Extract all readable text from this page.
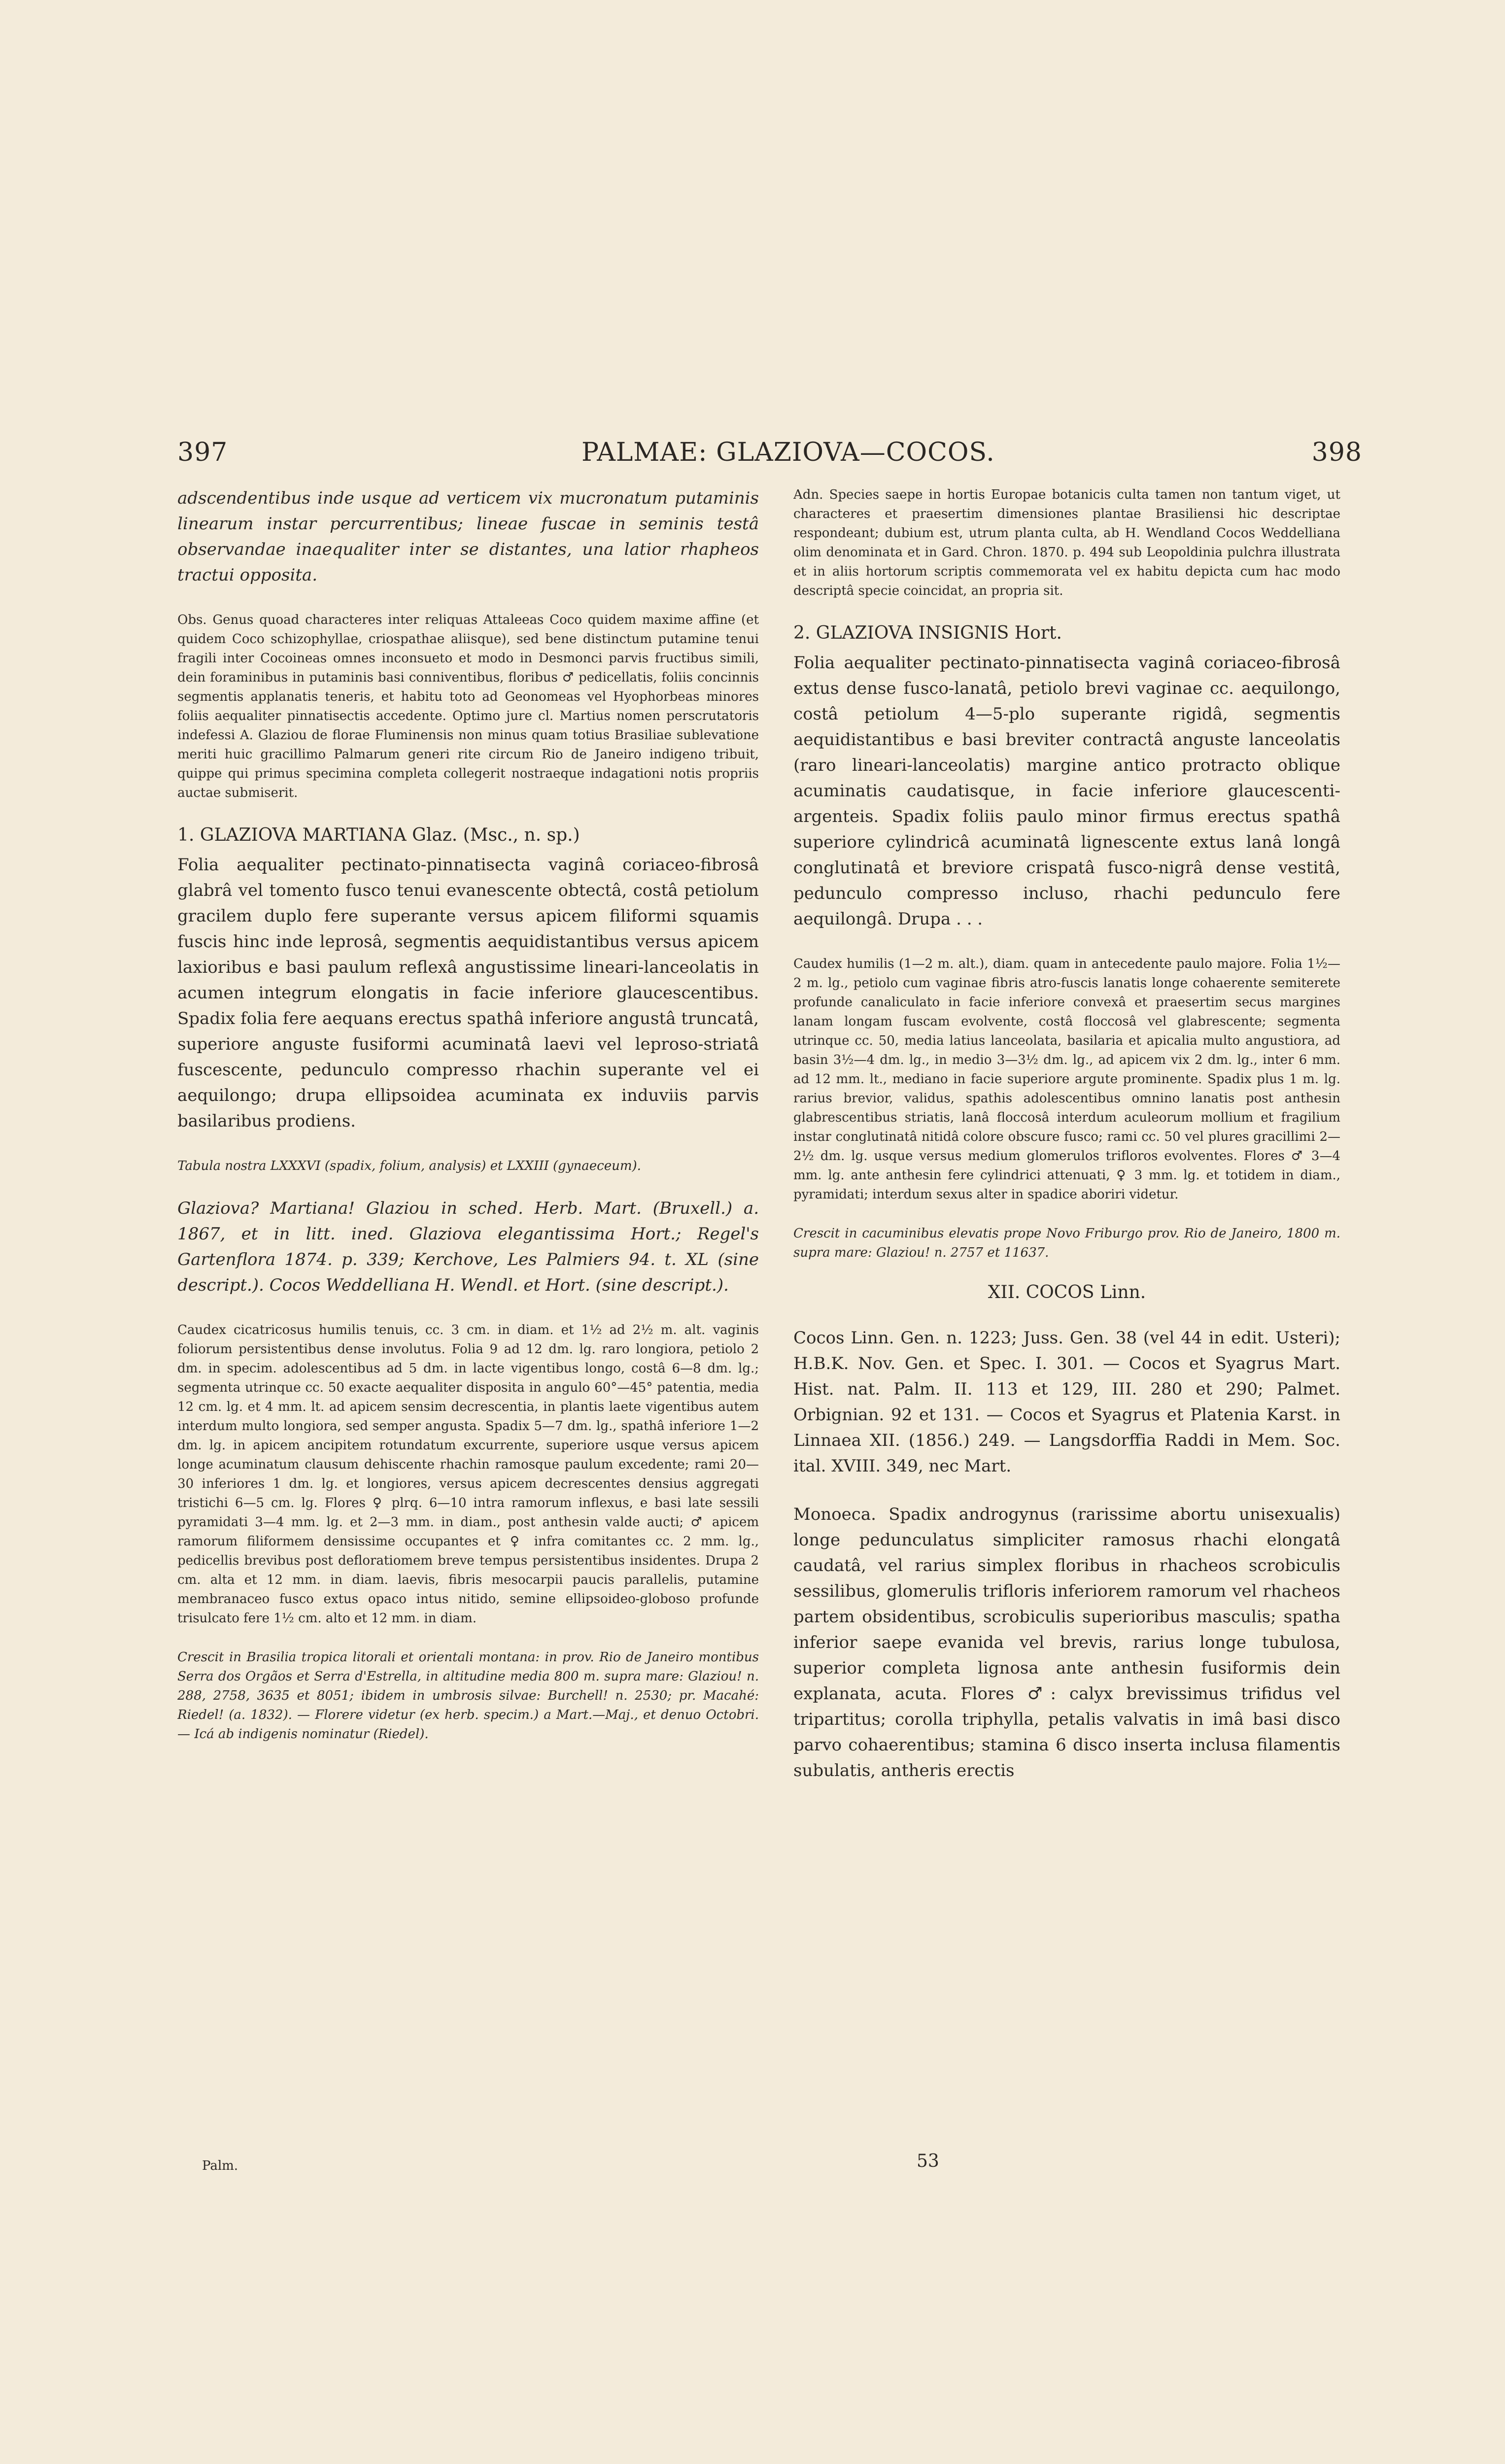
397	PALMAE: GLAZIOVA—COCOS.	398

adscendentibus inde usque ad verticem vix mucronatum putaminis linearum instar percurrentibus; lineae fuscae in seminis testâ observandae inaequaliter inter se distantes, una latior rhapheos tractui opposita.

Obs. Genus quoad characteres inter reliquas Attaleeas Coco quidem maxime affine (et quidem Coco schizophyllae, criospathae aliisque), sed bene distinctum putamine tenui fragili inter Cocoineas omnes inconsueto et modo in Desmonci parvis fructibus simili, dein foraminibus in putaminis basi conniventibus, floribus ♂ pedicellatis, foliis concinnis segmentis applanatis teneris, et habitu toto ad Geonomeas vel Hyophorbeas minores foliis aequaliter pinnatisectis accedente. Optimo jure cl. Martius nomen perscrutatoris indefessi A. Glaziou de florae Fluminensis non minus quam totius Brasiliae sublevatione meriti huic gracillimo Palmarum generi rite circum Rio de Janeiro indigeno tribuit, quippe qui primus specimina completa collegerit nostraeque indagationi notis propriis auctae submiserit.

1. GLAZIOVA MARTIANA Glaz. (Msc., n. sp.)

Folia aequaliter pectinato-pinnatisecta vaginâ coriaceo-fibrosâ glabrâ vel tomento fusco tenui evanescente obtectâ, costâ petiolum gracilem duplo fere superante versus apicem filiformi squamis fuscis hinc inde leprosâ, segmentis aequidistantibus versus apicem laxioribus e basi paulum reflexâ angustissime lineari-lanceolatis in acumen integrum elongatis in facie inferiore glaucescentibus. Spadix folia fere aequans erectus spathâ inferiore angustâ truncatâ, superiore anguste fusiformi acuminatâ laevi vel leproso-striatâ fuscescente, pedunculo compresso rhachin superante vel ei aequilongo; drupa ellipsoidea acuminata ex induviis parvis basilaribus prodiens.

Tabula nostra LXXXVI (spadix, folium, analysis) et LXXIII (gynaeceum).

Glaziova? Martiana! Glaziou in sched. Herb. Mart. (Bruxell.) a. 1867, et in litt. ined. Glaziova elegantissima Hort.; Regel's Gartenflora 1874. p. 339; Kerchove, Les Palmiers 94. t. XL (sine descript.). Cocos Weddelliana H. Wendl. et Hort. (sine descript.).

Caudex cicatricosus humilis tenuis, cc. 3 cm. in diam. et 1½ ad 2½ m. alt. vaginis foliorum persistentibus dense involutus. Folia 9 ad 12 dm. lg. raro longiora, petiolo 2 dm. in specim. adolescentibus ad 5 dm. in lacte vigentibus longo, costâ 6—8 dm. lg.; segmenta utrinque cc. 50 exacte aequaliter disposita in angulo 60°—45° patentia, media 12 cm. lg. et 4 mm. lt. ad apicem sensim decrescentia, in plantis laete vigentibus autem interdum multo longiora, sed semper angusta. Spadix 5—7 dm. lg., spathâ inferiore 1—2 dm. lg. in apicem ancipitem rotundatum excurrente, superiore usque versus apicem longe acuminatum clausum dehiscente rhachin ramosque paulum excedente; rami 20—30 inferiores 1 dm. lg. et longiores, versus apicem decrescentes densius aggregati tristichi 6—5 cm. lg. Flores ♀ plrq. 6—10 intra ramorum inflexus, e basi late sessili pyramidati 3—4 mm. lg. et 2—3 mm. in diam., post anthesin valde aucti; ♂ apicem ramorum filiformem densissime occupantes et ♀ infra comitantes cc. 2 mm. lg., pedicellis brevibus post defloratiomem breve tempus persistentibus insidentes. Drupa 2 cm. alta et 12 mm. in diam. laevis, fibris mesocarpii paucis parallelis, putamine membranaceo fusco extus opaco intus nitido, semine ellipsoideo-globoso profunde trisulcato fere 1½ cm. alto et 12 mm. in diam.

Crescit in Brasilia tropica litorali et orientali montana: in prov. Rio de Janeiro montibus Serra dos Orgãos et Serra d'Estrella, in altitudine media 800 m. supra mare: Glaziou! n. 288, 2758, 3635 et 8051; ibidem in umbrosis silvae: Burchell! n. 2530; pr. Macahé: Riedel! (a. 1832). — Florere videtur (ex herb. specim.) a Mart.—Maj., et denuo Octobri. — Icá ab indigenis nominatur (Riedel).

Palm.

Adn. Species saepe in hortis Europae botanicis culta tamen non tantum viget, ut characteres et praesertim dimensiones plantae Brasiliensi hic descriptae respondeant; dubium est, utrum planta culta, ab H. Wendland Cocos Weddelliana olim denominata et in Gard. Chron. 1870. p. 494 sub Leopoldinia pulchra illustrata et in aliis hortorum scriptis commemorata vel ex habitu depicta cum hac modo descriptâ specie coincidat, an propria sit.

2. GLAZIOVA INSIGNIS Hort.

Folia aequaliter pectinato-pinnatisecta vaginâ coriaceo-fibrosâ extus dense fusco-lanatâ, petiolo brevi vaginae cc. aequilongo, costâ petiolum 4—5-plo superante rigidâ, segmentis aequidistantibus e basi breviter contractâ anguste lanceolatis (raro lineari-lanceolatis) margine antico protracto oblique acuminatis caudatisque, in facie inferiore glaucescenti-argenteis. Spadix foliis paulo minor firmus erectus spathâ superiore cylindricâ acuminatâ lignescente extus lanâ longâ conglutinatâ et breviore crispatâ fusco-nigrâ dense vestitâ, pedunculo compresso incluso, rhachi pedunculo fere aequilongâ. Drupa . . .

Caudex humilis (1—2 m. alt.), diam. quam in antecedente paulo majore. Folia 1½—2 m. lg., petiolo cum vaginae fibris atro-fuscis lanatis longe cohaerente semiterete profunde canaliculato in facie inferiore convexâ et praesertim secus margines lanam longam fuscam evolvente, costâ floccosâ vel glabrescente; segmenta utrinque cc. 50, media latius lanceolata, basilaria et apicalia multo angustiora, ad basin 3½—4 dm. lg., in medio 3—3½ dm. lg., ad apicem vix 2 dm. lg., inter 6 mm. ad 12 mm. lt., mediano in facie superiore argute prominente. Spadix plus 1 m. lg. rarius brevior, validus, spathis adolescentibus omnino lanatis post anthesin glabrescentibus striatis, lanâ floccosâ interdum aculeorum mollium et fragilium instar conglutinatâ nitidâ colore obscure fusco; rami cc. 50 vel plures gracillimi 2—2½ dm. lg. usque versus medium glomerulos trifloros evolventes. Flores ♂ 3—4 mm. lg. ante anthesin fere cylindrici attenuati, ♀ 3 mm. lg. et totidem in diam., pyramidati; interdum sexus alter in spadice aboriri videtur.

Crescit in cacuminibus elevatis prope Novo Friburgo prov. Rio de Janeiro, 1800 m. supra mare: Glaziou! n. 2757 et 11637.

XII. COCOS Linn.

Cocos Linn. Gen. n. 1223; Juss. Gen. 38 (vel 44 in edit. Usteri); H.B.K. Nov. Gen. et Spec. I. 301. — Cocos et Syagrus Mart. Hist. nat. Palm. II. 113 et 129, III. 280 et 290; Palmet. Orbignian. 92 et 131. — Cocos et Syagrus et Platenia Karst. in Linnaea XII. (1856.) 249. — Langsdorffia Raddi in Mem. Soc. ital. XVIII. 349, nec Mart.

Monoeca. Spadix androgynus (rarissime abortu unisexualis) longe pedunculatus simpliciter ramosus rhachi elongatâ caudatâ, vel rarius simplex floribus in rhacheos scrobiculis sessilibus, glomerulis trifloris inferiorem ramorum vel rhacheos partem obsidentibus, scrobiculis superioribus masculis; spatha inferior saepe evanida vel brevis, rarius longe tubulosa, superior completa lignosa ante anthesin fusiformis dein explanata, acuta. Flores ♂: calyx brevissimus trifidus vel tripartitus; corolla triphylla, petalis valvatis in imâ basi disco parvo cohaerentibus; stamina 6 disco inserta inclusa filamentis subulatis, antheris erectis

53
